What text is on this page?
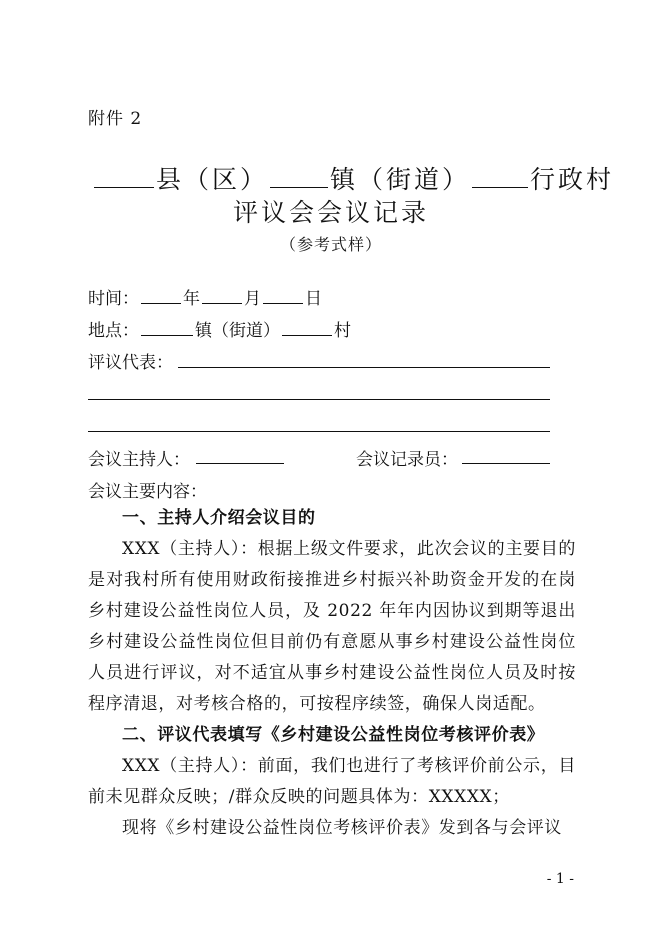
附件 2
县（区） 镇（街道） 行政村
评议会会议记录
（参考式样）
时间：	年	月	日
地点：	镇（街道）	村
评议代表：
会议主持人：	会议记录员：
会议主要内容：
一、主持人介绍会议目的
XXX（主持人）：根据上级文件要求，此次会议的主要目的是对我村所有使用财政衔接推进乡村振兴补助资金开发的在岗乡村建设公益性岗位人员，及 2022 年年内因协议到期等退出乡村建设公益性岗位但目前仍有意愿从事乡村建设公益性岗位人员进行评议，对不适宜从事乡村建设公益性岗位人员及时按程序清退，对考核合格的，可按程序续签，确保人岗适配。
二、评议代表填写《乡村建设公益性岗位考核评价表》
XXX（主持人）：前面，我们也进行了考核评价前公示，目前未见群众反映；/群众反映的问题具体为：XXXXX；
现将《乡村建设公益性岗位考核评价表》发到各与会评议
- 1 -
